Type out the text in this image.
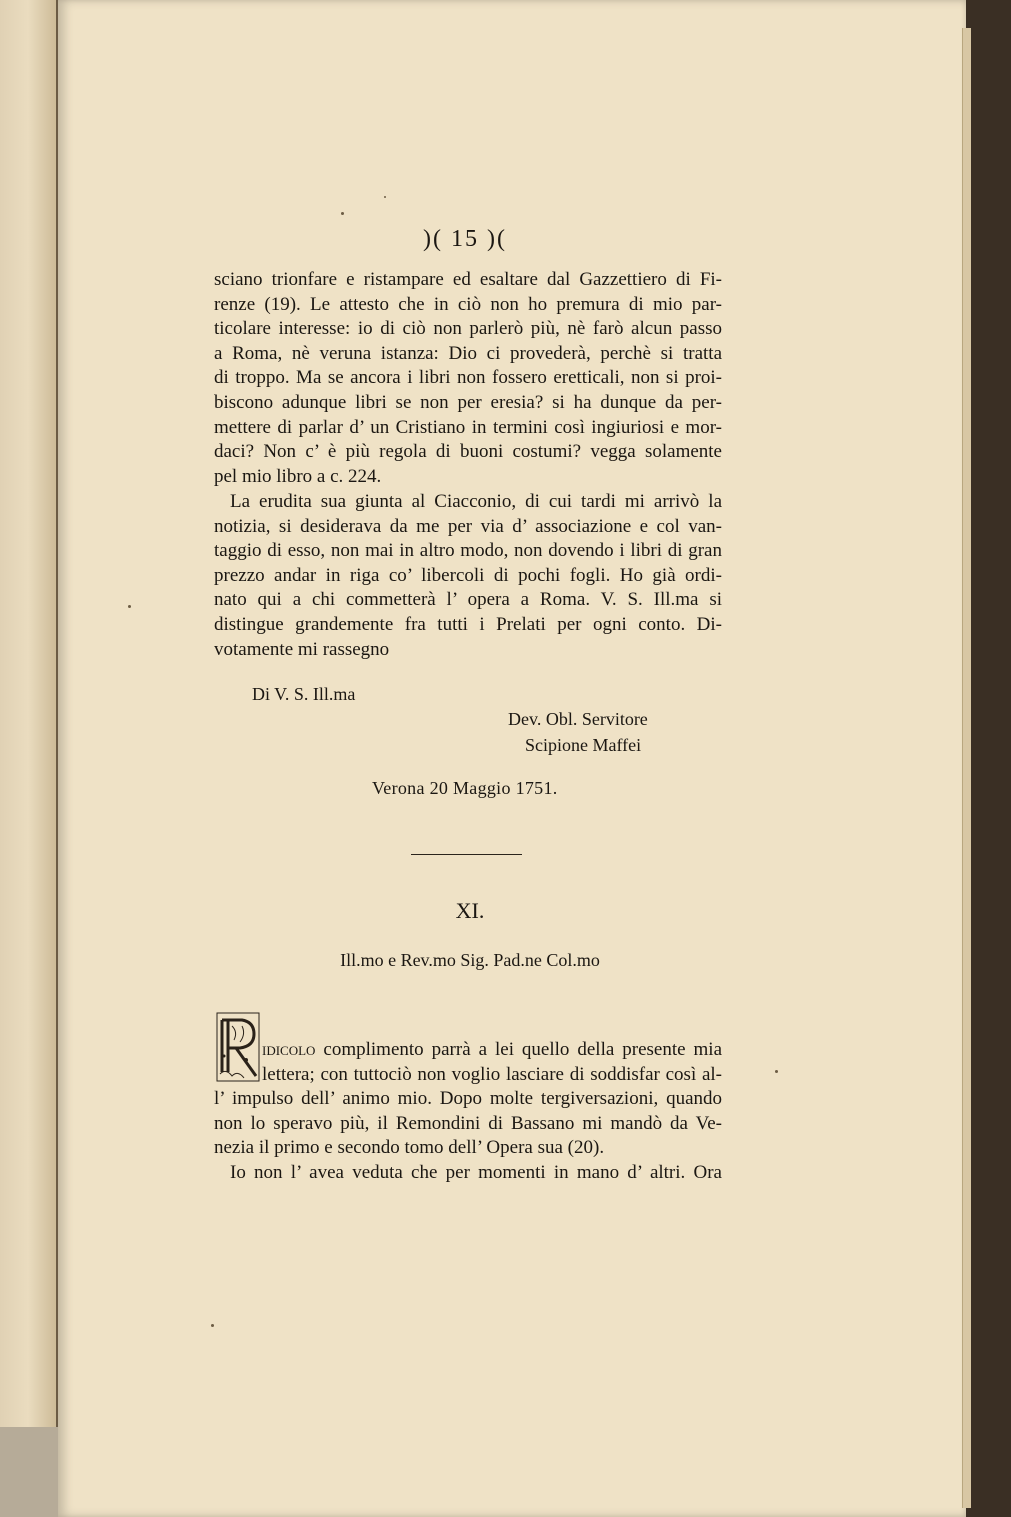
)( 15 )(
sciano trionfare e ristampare ed esaltare dal Gazzettiero di Fi-
renze (19). Le attesto che in ciò non ho premura di mio par-
ticolare interesse: io di ciò non parlerò più, nè farò alcun passo
a Roma, nè veruna istanza: Dio ci provederà, perchè si tratta
di troppo. Ma se ancora i libri non fossero eretticali, non si proi-
biscono adunque libri se non per eresia? si ha dunque da per-
mettere di parlar d’ un Cristiano in termini così ingiuriosi e mor-
daci? Non c’ è più regola di buoni costumi? vegga solamente
pel mio libro a c. 224.
La erudita sua giunta al Ciacconio, di cui tardi mi arrivò la
notizia, si desiderava da me per via d’ associazione e col van-
taggio di esso, non mai in altro modo, non dovendo i libri di gran
prezzo andar in riga co’ libercoli di pochi fogli. Ho già ordi-
nato qui a chi commetterà l’ opera a Roma. V. S. Ill.ma si
distingue grandemente fra tutti i Prelati per ogni conto. Di-
votamente mi rassegno
Di V. S. Ill.ma
Dev. Obl. Servitore
Scipione Maffei
Verona 20 Maggio 1751.
XI.
Ill.mo e Rev.mo Sig. Pad.ne Col.mo
idicolo complimento parrà a lei quello della presente mia
lettera; con tuttociò non voglio lasciare di soddisfar così al-
l’ impulso dell’ animo mio. Dopo molte tergiversazioni, quando
non lo speravo più, il Remondini di Bassano mi mandò da Ve-
nezia il primo e secondo tomo dell’ Opera sua (20).
Io non l’ avea veduta che per momenti in mano d’ altri. Ora
